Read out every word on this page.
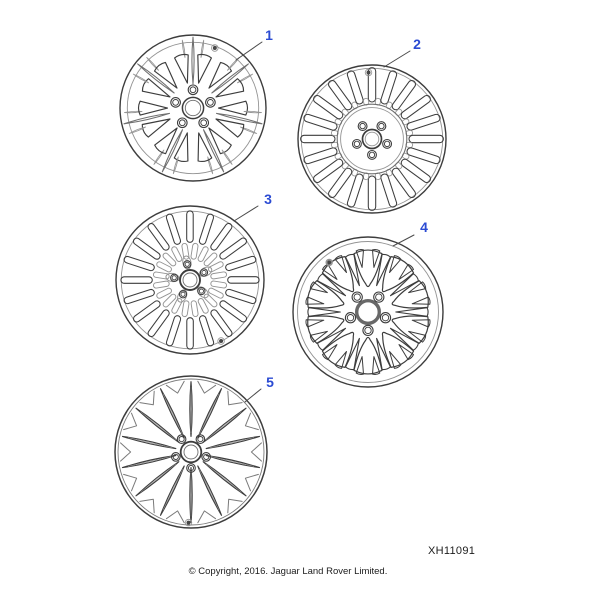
1
2
3
4
5
XH11091
© Copyright, 2016. Jaguar Land Rover Limited.
